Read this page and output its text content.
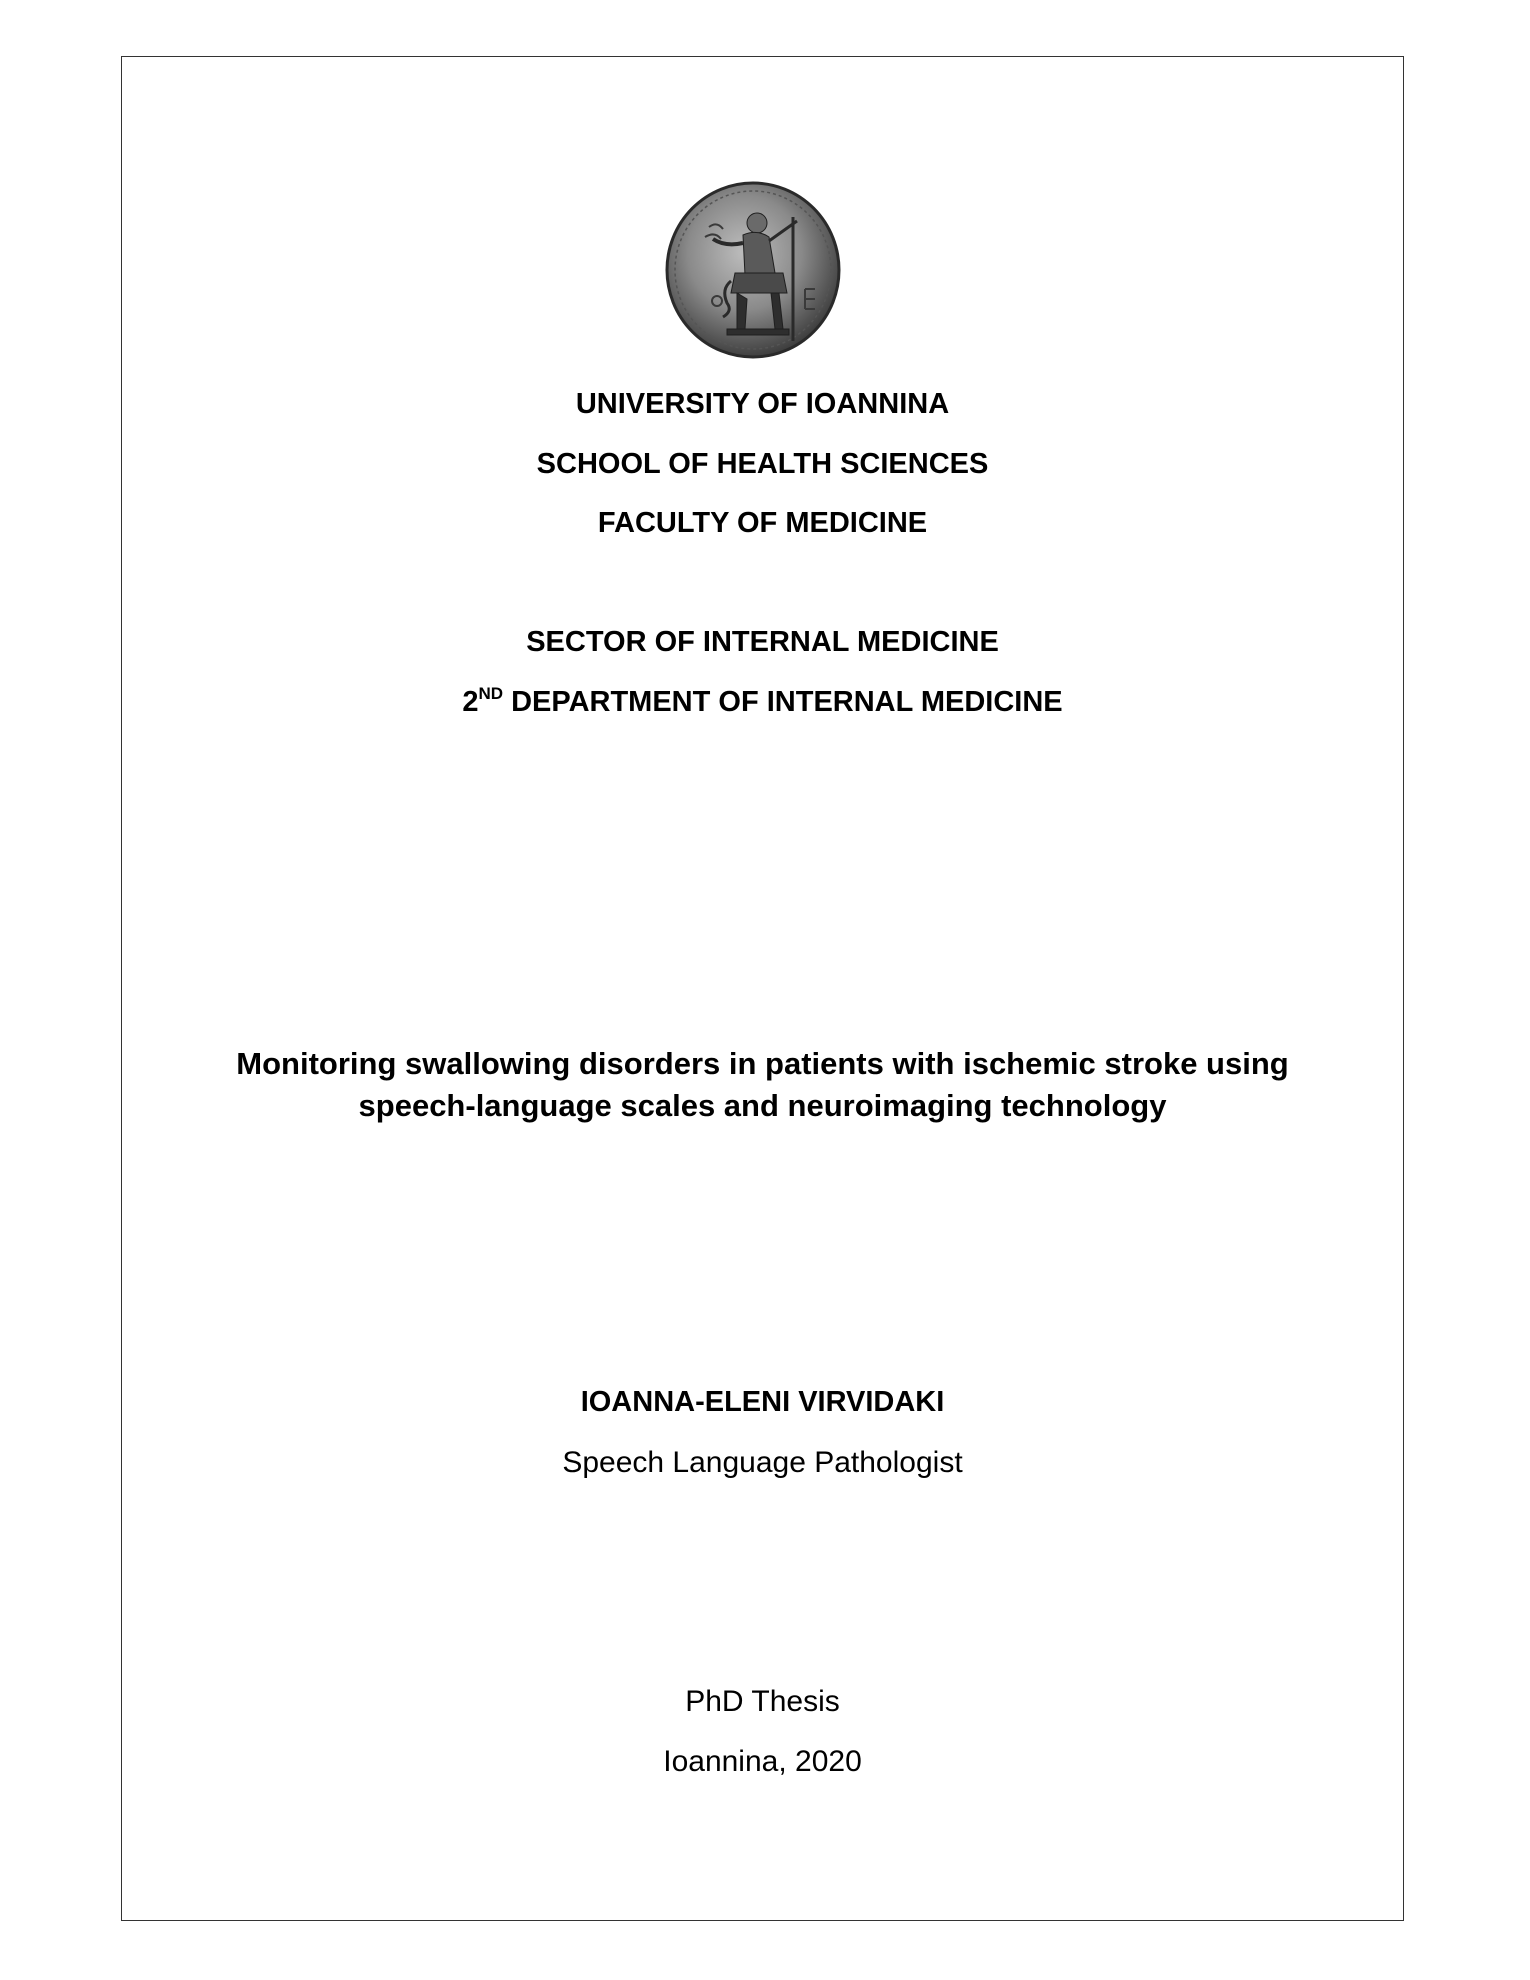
UNIVERSITY OF IOANNINA
SCHOOL OF HEALTH SCIENCES
FACULTY OF MEDICINE
SECTOR OF INTERNAL MEDICINE
2ND DEPARTMENT OF INTERNAL MEDICINE
Monitoring swallowing disorders in patients with ischemic stroke using
speech-language scales and neuroimaging technology
IOANNA-ELENI VIRVIDAKI
Speech Language Pathologist
PhD Thesis
Ioannina, 2020
